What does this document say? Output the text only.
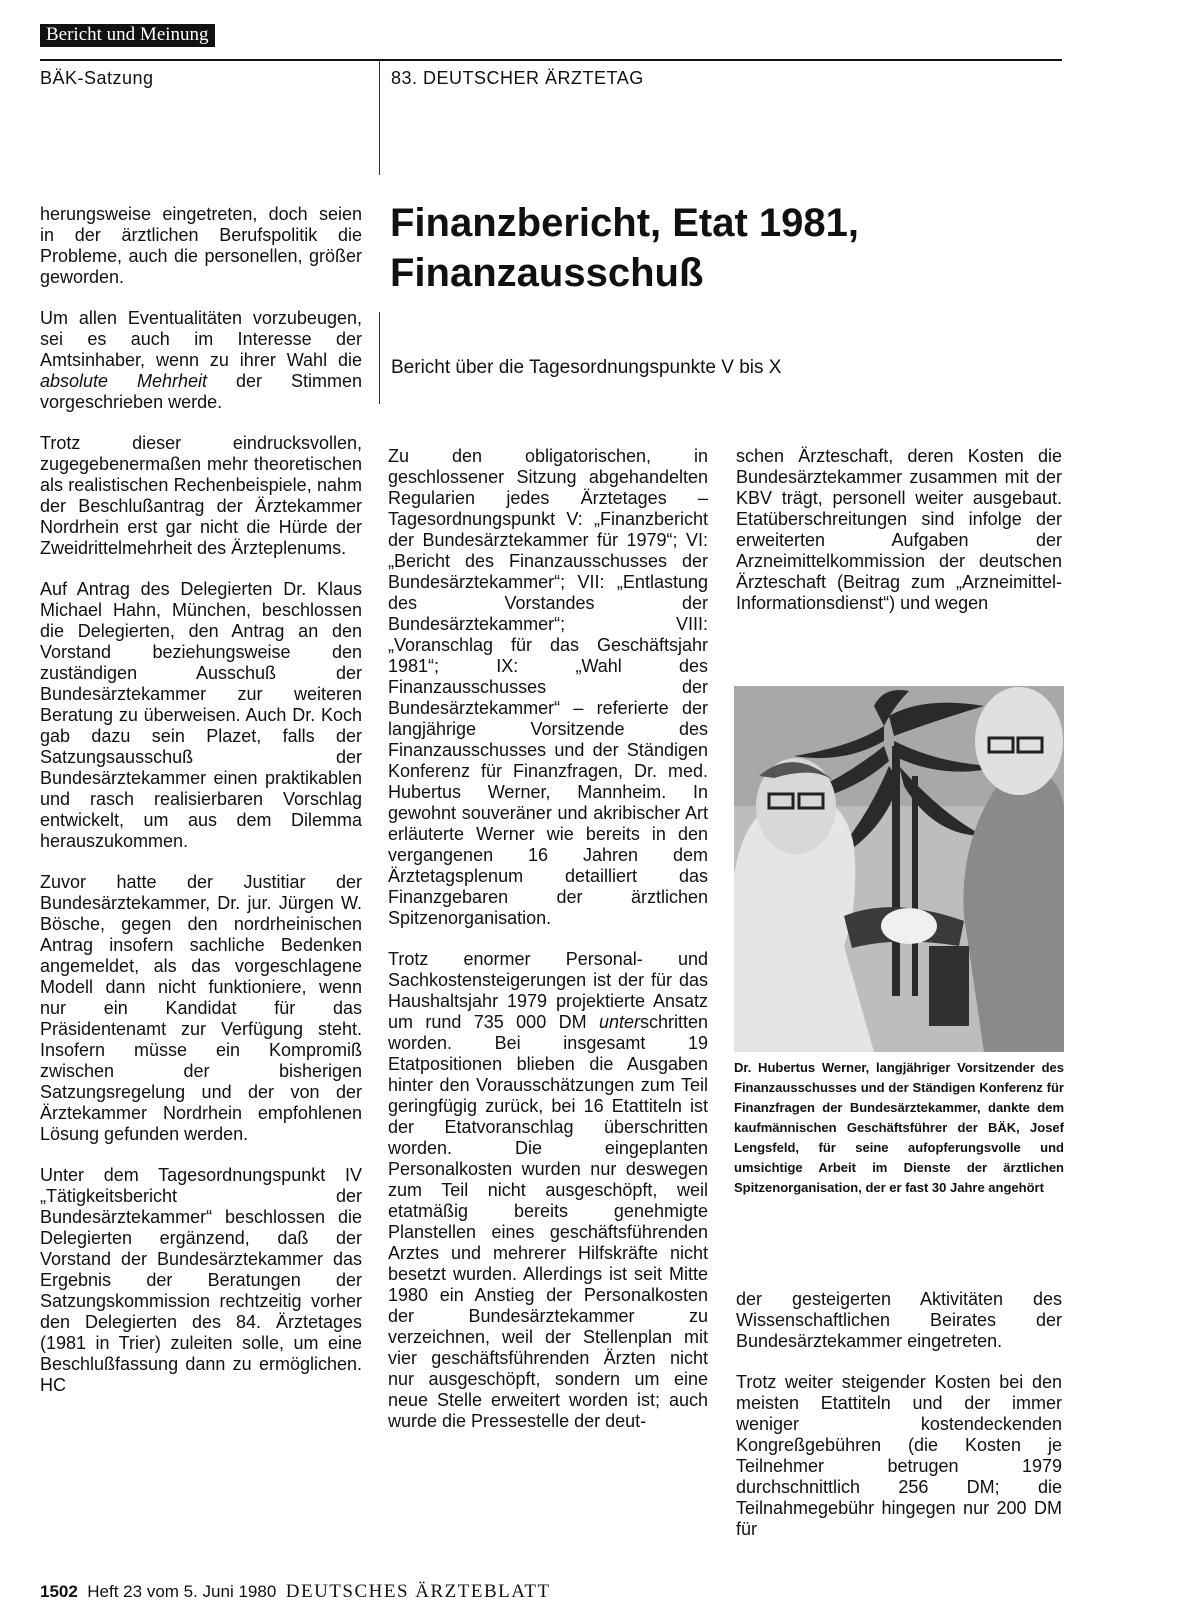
Bericht und Meinung
BÄK-Satzung	83. DEUTSCHER ÄRZTETAG
Finanzbericht, Etat 1981,
Finanzausschuß
Bericht über die Tagesordnungspunkte V bis X

herungsweise eingetreten, doch seien in der ärztlichen Berufspolitik die Probleme, auch die personellen, größer geworden.

Um allen Eventualitäten vorzubeugen, sei es auch im Interesse der Amtsinhaber, wenn zu ihrer Wahl die absolute Mehrheit der Stimmen vorgeschrieben werde.

Trotz dieser eindrucksvollen, zugegebenermaßen mehr theoretischen als realistischen Rechenbeispiele, nahm der Beschlußantrag der Ärztekammer Nordrhein erst gar nicht die Hürde der Zweidrittelmehrheit des Ärzteplenums.

Auf Antrag des Delegierten Dr. Klaus Michael Hahn, München, beschlossen die Delegierten, den Antrag an den Vorstand beziehungsweise den zuständigen Ausschuß der Bundesärztekammer zur weiteren Beratung zu überweisen. Auch Dr. Koch gab dazu sein Plazet, falls der Satzungsausschuß der Bundesärztekammer einen praktikablen und rasch realisierbaren Vorschlag entwickelt, um aus dem Dilemma herauszukommen.

Zuvor hatte der Justitiar der Bundesärztekammer, Dr. jur. Jürgen W. Bösche, gegen den nordrheinischen Antrag insofern sachliche Bedenken angemeldet, als das vorgeschlagene Modell dann nicht funktioniere, wenn nur ein Kandidat für das Präsidentenamt zur Verfügung steht. Insofern müsse ein Kompromiß zwischen der bisherigen Satzungsregelung und der von der Ärztekammer Nordrhein empfohlenen Lösung gefunden werden.

Unter dem Tagesordnungspunkt IV „Tätigkeitsbericht der Bundesärztekammer“ beschlossen die Delegierten ergänzend, daß der Vorstand der Bundesärztekammer das Ergebnis der Beratungen der Satzungskommission rechtzeitig vorher den Delegierten des 84. Ärztetages (1981 in Trier) zuleiten solle, um eine Beschlußfassung dann zu ermöglichen. HC

Zu den obligatorischen, in geschlossener Sitzung abgehandelten Regularien jedes Ärztetages – Tagesordnungspunkt V: „Finanzbericht der Bundesärztekammer für 1979“; VI: „Bericht des Finanzausschusses der Bundesärztekammer“; VII: „Entlastung des Vorstandes der Bundesärztekammer“; VIII: „Voranschlag für das Geschäftsjahr 1981“; IX: „Wahl des Finanzausschusses der Bundesärztekammer“ – referierte der langjährige Vorsitzende des Finanzausschusses und der Ständigen Konferenz für Finanzfragen, Dr. med. Hubertus Werner, Mannheim. In gewohnt souveräner und akribischer Art erläuterte Werner wie bereits in den vergangenen 16 Jahren dem Ärztetagsplenum detailliert das Finanzgebaren der ärztlichen Spitzenorganisation.

Trotz enormer Personal- und Sachkostensteigerungen ist der für das Haushaltsjahr 1979 projektierte Ansatz um rund 735 000 DM unterschritten worden. Bei insgesamt 19 Etatpositionen blieben die Ausgaben hinter den Vorausschätzungen zum Teil geringfügig zurück, bei 16 Etattiteln ist der Etatvoranschlag überschritten worden. Die eingeplanten Personalkosten wurden nur deswegen zum Teil nicht ausgeschöpft, weil etatmäßig bereits genehmigte Planstellen eines geschäftsführenden Arztes und mehrerer Hilfskräfte nicht besetzt wurden. Allerdings ist seit Mitte 1980 ein Anstieg der Personalkosten der Bundesärztekammer zu verzeichnen, weil der Stellenplan mit vier geschäftsführenden Ärzten nicht nur ausgeschöpft, sondern um eine neue Stelle erweitert worden ist; auch wurde die Pressestelle der deut-

schen Ärzteschaft, deren Kosten die Bundesärztekammer zusammen mit der KBV trägt, personell weiter ausgebaut. Etatüberschreitungen sind infolge der erweiterten Aufgaben der Arzneimittelkommission der deutschen Ärzteschaft (Beitrag zum „Arzneimittel-Informationsdienst“) und wegen

Dr. Hubertus Werner, langjähriger Vorsitzender des Finanzausschusses und der Ständigen Konferenz für Finanzfragen der Bundesärztekammer, dankte dem kaufmännischen Geschäftsführer der BÄK, Josef Lengsfeld, für seine aufopferungsvolle und umsichtige Arbeit im Dienste der ärztlichen Spitzenorganisation, der er fast 30 Jahre angehört

der gesteigerten Aktivitäten des Wissenschaftlichen Beirates der Bundesärztekammer eingetreten.

Trotz weiter steigender Kosten bei den meisten Etattiteln und der immer weniger kostendeckenden Kongreßgebühren (die Kosten je Teilnehmer betrugen 1979 durchschnittlich 256 DM; die Teilnahmegebühr hingegen nur 200 DM für

1502 Heft 23 vom 5. Juni 1980 DEUTSCHES ÄRZTEBLATT
